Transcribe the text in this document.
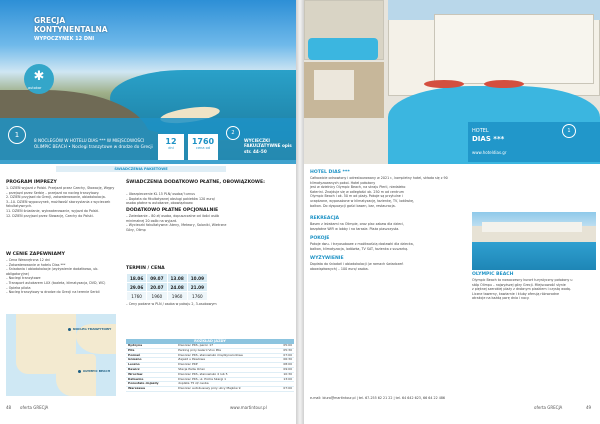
GRECJA KONTYNENTALNA
WYPOCZYNEK 12 DNI
✱
autokar
1
8 NOCLEGÓW W HOTELU DIAS *** W MIEJSCOWOŚCI OLIMPIC BEACH • Noclegi tranzytowe w drodze do Grecji
12
dni
1760
cena od
2
WYCIECZKI FAKULTATYWNE opis str. 44–50
ŚWIADCZENIA PAKIETOWE
PROGRAM IMPREZY
1. DZIEŃ wyjazd z Polski. Przejazd przez Czechy, Słowację, Węgry
– przejazd przez Serbię – przejazd na nocleg tranzytowy.
2. DZIEŃ przyjazd do Grecji, zakwaterowanie, obiadokolacja.
3.–10. DZIEŃ wypoczynek, możliwość skorzystania z wycieczek
fakultatywnych.
11. DZIEŃ śniadanie, wykwaterowanie, wyjazd do Polski.
12. DZIEŃ przyjazd przez Słowację, Czechy do Polski.
W CENIE ZAPEWNIAMY
– Cena Wewnętrzna 12 dni
– Zakwaterowanie w hotelu Dias ***
– Śniadania i obiadokolacje (wyżywienie dodatkowo, ub. obligatoryjne)
– Noclegi tranzytowe
– Transport autokarem LUX (toaleta, klimatyzacja, DVD, WC)
– Opieka pilota
– Nocleg tranzytowy w drodze do Grecji na terenie Serbii
ŚWIADCZENIA DODATKOWO PŁATNE, OBOWIĄZKOWE:
– Ubezpieczenie KL 15 PLN/ osoba/ turnus
– Dopłata do fikultatywnej obsługi pakietów 120 euro/
osoba płatne w autokarze, obowiązkowo
DODATKOWO PŁATNE OPCJONALNIE
– Zwiedzanie – 80 zł/ osoba, dopuszczalne od ilości osób
minimalnej 20 osób na wyjazd.
– Wycieczki fakultatywne: Ateny, Meteory, Saloniki, Wietrzne
Góry, Olimp
TERMIN / CENA
18.06	09.07	13.08	10.09
29.06	20.07	24.08	21.09
1760	1960	1960	1760
– Ceny podane w PLN / osoba w pokoju 2, 3-osobowym
NOCLEG TRANZYTOWY
OLYMPIC BEACH
ROZKŁAD JAZDY
Rydzyna	Dworzec PKS, peron 17	05:00
Piła	Parking przy Galerii Vivo Piła	05:30
Poznań	Dworzec PKS, stanowisko międzynarodowe	07:00
Gniezno	Zajazd u Pawłowa	06:30
Leszno	Dworzec PKP	08:00
Rawicz	Stacja Paliw Orlen	09:00
Wrocław	Dworzec PKS, stanowisko 4 lub 5	10:30
Katowice	Dworzec PKS, ul. Piotra Skargi 1	13:00
Pozostałe dojazdy	dopłata 75 zł/ osoba	
Warszawa	Dworzec autobusowy przy ulicy Majków 9	07:00
48 oferta GRECJA	www.martintour.pl
HOTEL
DIAS ***
www.hoteldias.gr
1
HOTEL DIAS ***
Całkowicie odnowiony i odrestaurowany w 2021 r., kompletny hotel, składa się z 90 klimatyzowanych pokoi. Hotel położony
jest w dzielnicy Olympic Beach, na skraju Pierii, niedaleko
Katerini. Znajduje się w odległości ok. 250 m od centrum
Olympic Beach i ok. 50 m od plaży. Pokoje są przytulne i
urządzone, wyposażone w klimatyzację, łazienkę, TV, lodówkę,
balkon. Do dyspozycji gości basen, bar, restauracja.
REKREACJA
Basen z leżakami na Olimpie, oraz plac zabaw dla dzieci,
bezpłatne WiFi w lobby i na tarasie. Plaża piaszczysta.
POKOJE
Pokoje dwu- i trzyosobowe z możliwością dostawki dla dziecka,
balkon, klimatyzacja, lodówka, TV SAT, łazienka z suszarką.
WYŻYWIENIE
Dopłata do śniadań i obiadokolacji (w ramach świadczeń
obowiązkowych) – 100 euro/ osoba.
OLYMPIC BEACH
Olympic Beach to nowoczesny kurort turystyczny położony u
stóp Olimpu – najwyższej góry Grecji. Miejscowość słynie
z pięknej szerokiej plaży z drobnym piaskiem i czystą wodą.
Liczne tawerny, kawiarnie i kluby oferują różnorodne
atrakcje na każdą porę dnia i nocy.
e-mail: biuro@martintour.pl | tel. 67-255 62 21 22 | tel. 64 642 623, 66 64 22 486
oferta GRECJA	49
